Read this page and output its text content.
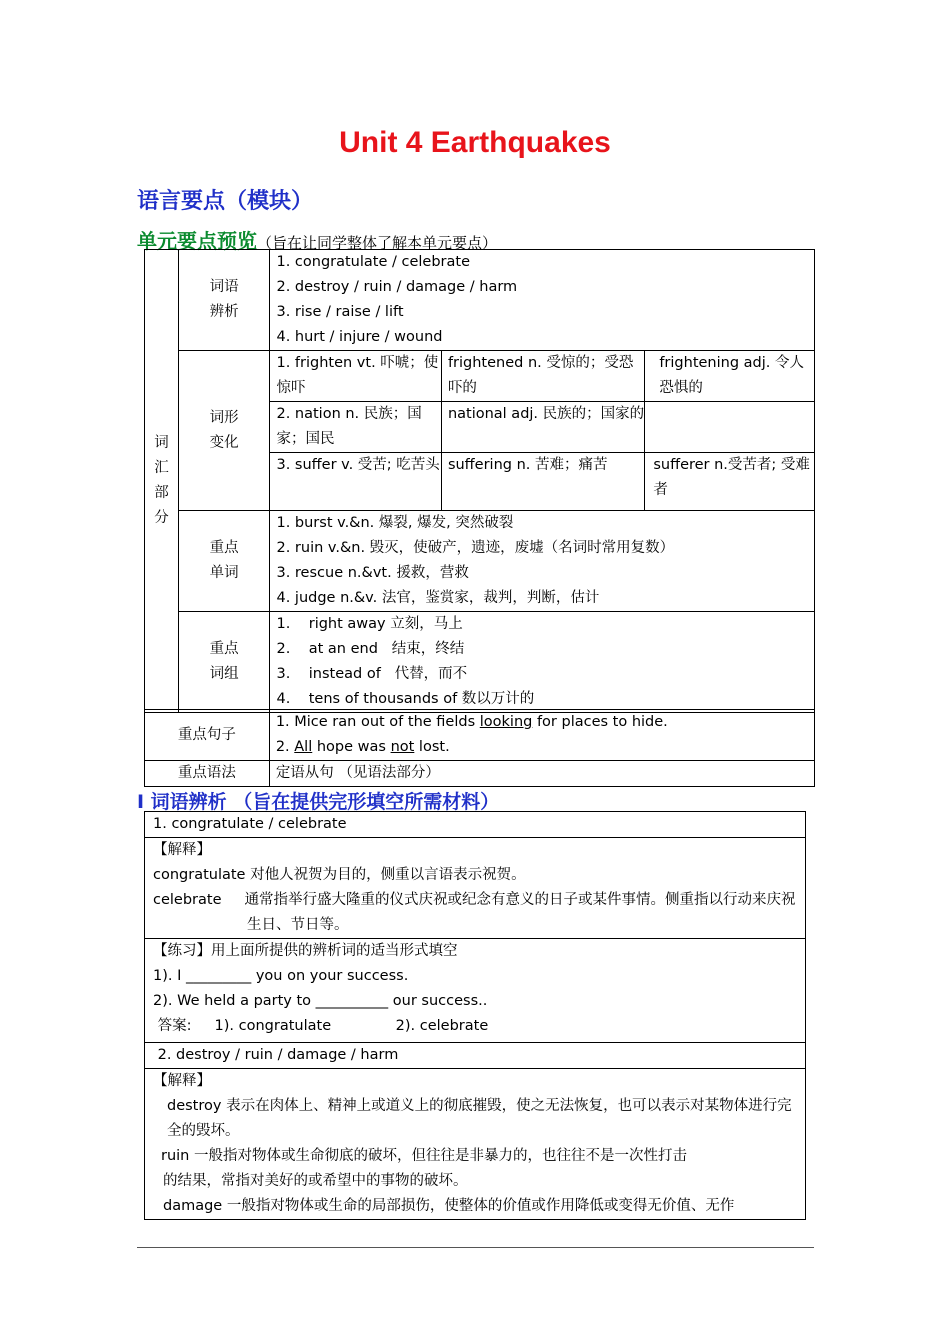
Unit 4 Earthquakes
语言要点（模块）
单元要点预览（旨在让同学整体了解本单元要点）
词
汇
部
分	词语
辨析	1. congratulate / celebrate
2. destroy / ruin / damage / harm
3. rise / raise / lift
4. hurt / injure / wound		

	词形
变化	1. frighten vt. 吓唬；使惊吓	frightened n. 受惊的；受恐吓的	frightening adj. 令人恐惧的
		2. nation n. 民族；国家；国民	national adj. 民族的；国家的	
		3. suffer v. 受苦; 吃苦头	suffering n. 苦难；痛苦	sufferer n.受苦者; 受难者
	重点
单词	1. burst v.&n. 爆裂, 爆发, 突然破裂
2. ruin v.&n. 毁灭，使破产，遗迹，废墟（名词时常用复数）
3. rescue n.&vt. 援救，营救
4. judge n.&v. 法官，鉴赏家，裁判，判断，估计		

	重点
词组	1.    right away 立刻，马上
2.    at an end   结束，终结
3.    instead of   代替，而不
4.    tens of thousands of 数以万计的		
重点句子	1. Mice ran out of the fields looking for places to hide.
2. All hope was not lost.

重点语法	定语从句 （见语法部分）
I 词语辨析 （旨在提供完形填空所需材料）
1. congratulate / celebrate

【解释】
congratulate 对他人祝贺为目的，侧重以言语表示祝贺。
celebrate     通常指举行盛大隆重的仪式庆祝或纪念有意义的日子或某件事情。侧重指以行动来庆祝生日、节日等。

【练习】用上面所提供的辨析词的适当形式填空
1). I _________ you on your success.
2). We held a party to __________ our success..
答案:     1). congratulate              2). celebrate

2. destroy / ruin / damage / harm

【解释】
destroy 表示在肉体上、精神上或道义上的彻底摧毁，使之无法恢复，也可以表示对某物体进行完全的毁坏。
ruin 一般指对物体或生命彻底的破坏，但往往是非暴力的，也往往不是一次性打击
的结果，常指对美好的或希望中的事物的破坏。
damage 一般指对物体或生命的局部损伤，使整体的价值或作用降低或变得无价值、无作
